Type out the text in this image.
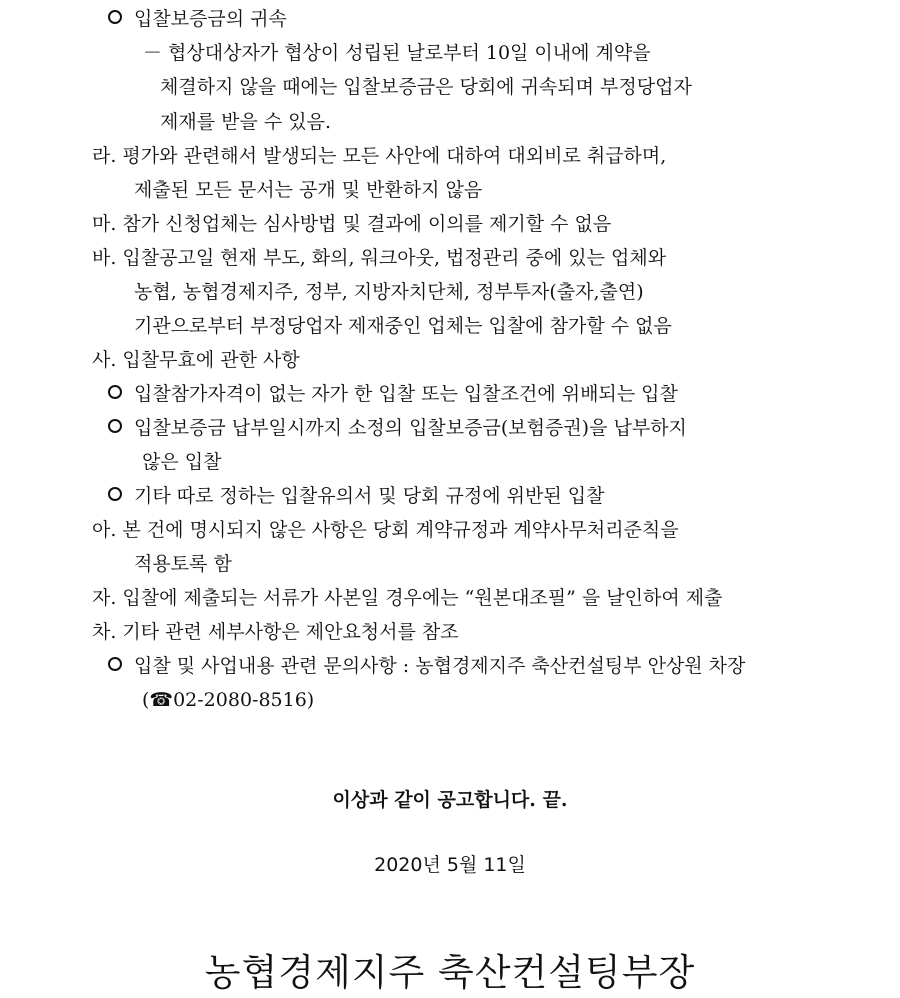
입찰보증금의 귀속
－ 협상대상자가 협상이 성립된 날로부터 10일 이내에 계약을
체결하지 않을 때에는 입찰보증금은 당회에 귀속되며 부정당업자
제재를 받을 수 있음.
라. 평가와 관련해서 발생되는 모든 사안에 대하여 대외비로 취급하며,
제출된 모든 문서는 공개 및 반환하지 않음
마. 참가 신청업체는 심사방법 및 결과에 이의를 제기할 수 없음
바. 입찰공고일 현재 부도, 화의, 워크아웃, 법정관리 중에 있는 업체와
농협, 농협경제지주, 정부, 지방자치단체, 정부투자(출자,출연)
기관으로부터 부정당업자 제재중인 업체는 입찰에 참가할 수 없음
사. 입찰무효에 관한 사항
입찰참가자격이 없는 자가 한 입찰 또는 입찰조건에 위배되는 입찰
입찰보증금 납부일시까지 소정의 입찰보증금(보험증권)을 납부하지
않은 입찰
기타 따로 정하는 입찰유의서 및 당회 규정에 위반된 입찰
아. 본 건에 명시되지 않은 사항은 당회 계약규정과 계약사무처리준칙을
적용토록 함
자. 입찰에 제출되는 서류가 사본일 경우에는 “원본대조필” 을 날인하여 제출
차. 기타 관련 세부사항은 제안요청서를 참조
입찰 및 사업내용 관련 문의사항 : 농협경제지주 축산컨설팅부 안상원 차장
(☎02-2080-8516)
이상과 같이 공고합니다. 끝.
2020년 5월 11일
농협경제지주 축산컨설팅부장
